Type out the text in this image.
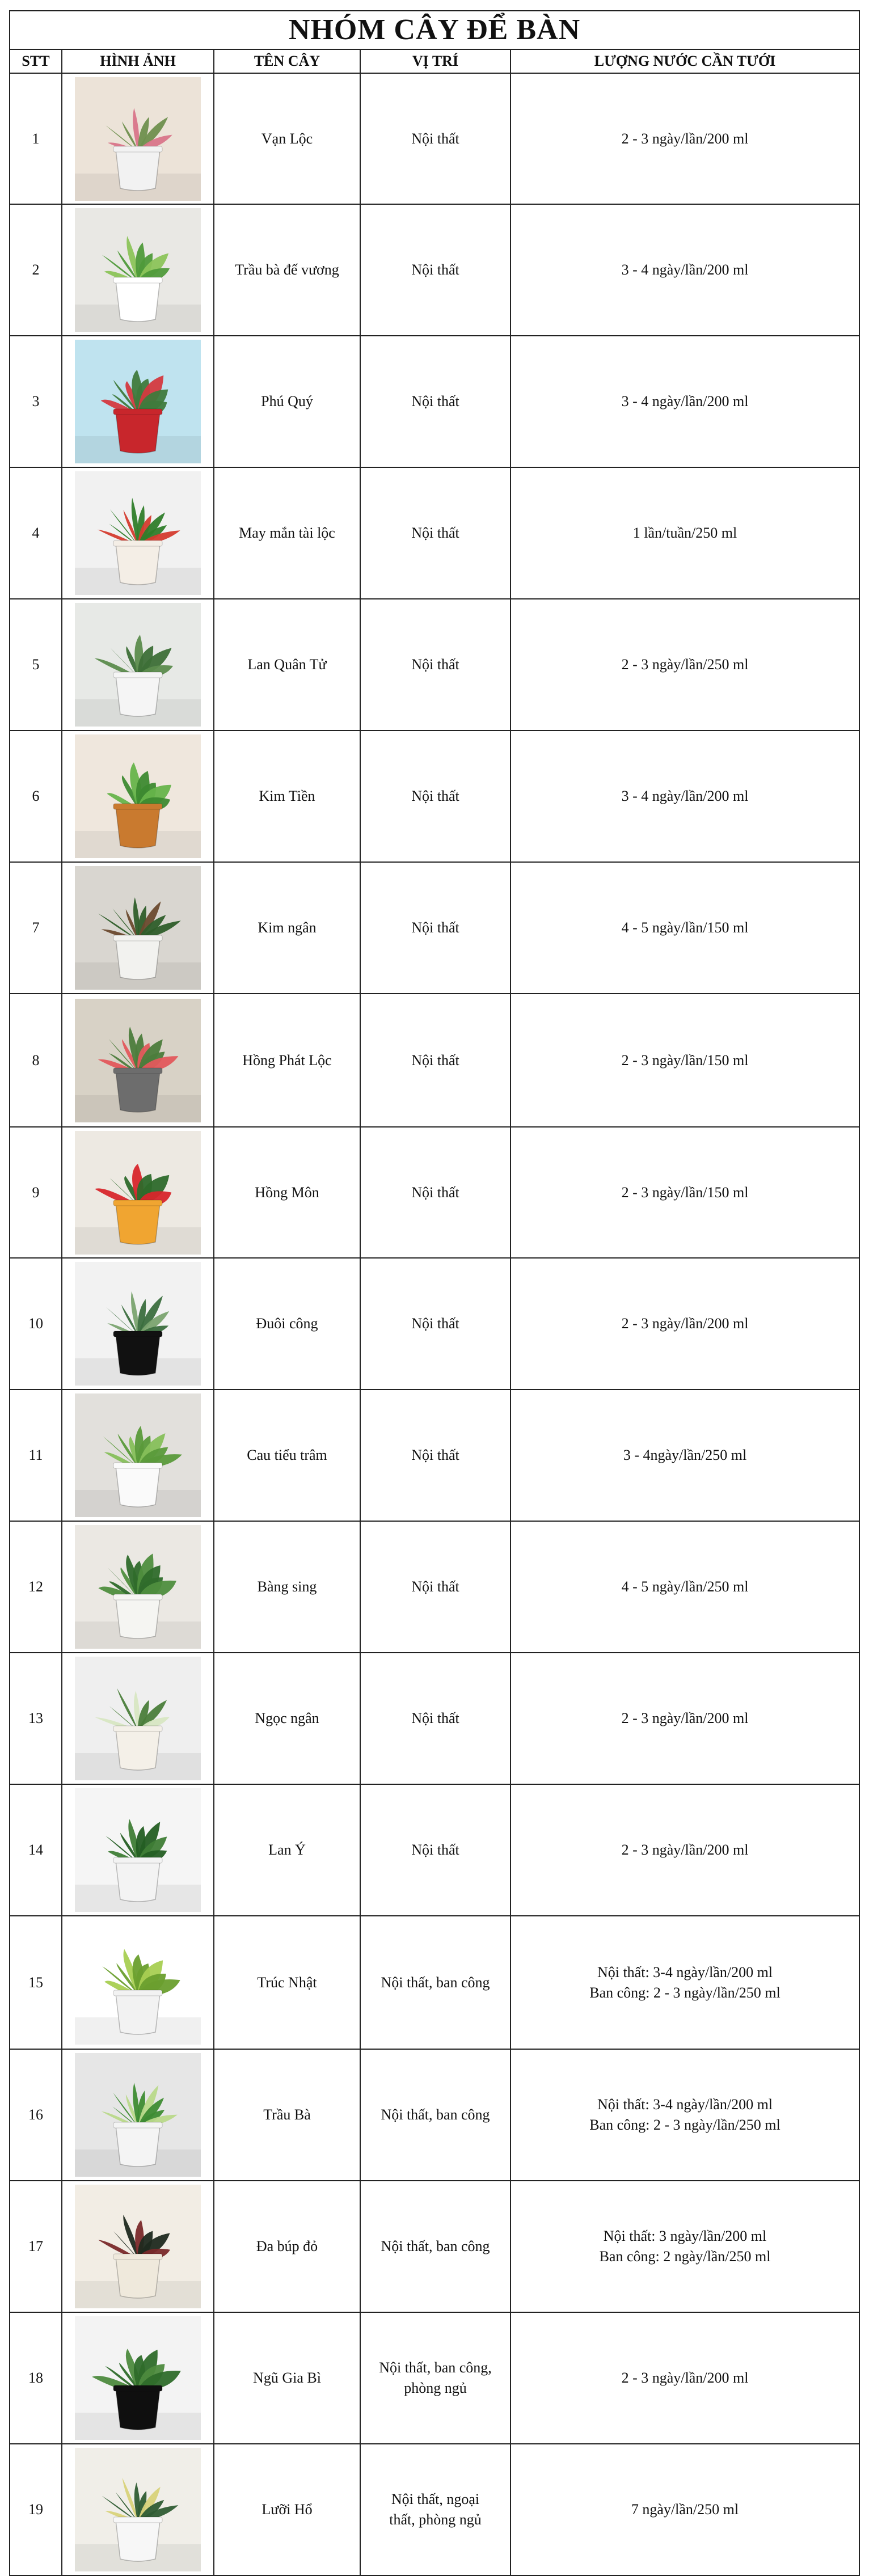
NHÓM CÂY ĐỂ BÀN				
STT	HÌNH ẢNH	TÊN CÂY	VỊ TRÍ	LƯỢNG NƯỚC CẦN TƯỚI
1		Vạn Lộc	Nội thất	2 - 3 ngày/lần/200 ml

2		Trầu bà đế vương	Nội thất	3 - 4 ngày/lần/200 ml

3		Phú Quý	Nội thất	3 - 4 ngày/lần/200 ml

4		May mắn tài lộc	Nội thất	1 lần/tuần/250 ml

5		Lan Quân Tử	Nội thất	2 - 3 ngày/lần/250 ml

6		Kim Tiền	Nội thất	3 - 4 ngày/lần/200 ml

7		Kim ngân	Nội thất	4 - 5 ngày/lần/150 ml

8		Hồng Phát Lộc	Nội thất	2 - 3 ngày/lần/150 ml

9		Hồng Môn	Nội thất	2 - 3 ngày/lần/150 ml

10		Đuôi công	Nội thất	2 - 3 ngày/lần/200 ml

11		Cau tiểu trâm	Nội thất	3 - 4ngày/lần/250 ml

12		Bàng sing	Nội thất	4 - 5 ngày/lần/250 ml

13		Ngọc ngân	Nội thất	2 - 3 ngày/lần/200 ml

14		Lan Ý	Nội thất	2 - 3 ngày/lần/200 ml

15		Trúc Nhật	Nội thất, ban công	Nội thất: 3-4 ngày/lần/200 ml
Ban công: 2 - 3 ngày/lần/250 ml

16		Trầu Bà	Nội thất, ban công	Nội thất: 3-4 ngày/lần/200 ml
Ban công: 2 - 3 ngày/lần/250 ml

17		Đa búp đỏ	Nội thất, ban công	Nội thất: 3 ngày/lần/200 ml
Ban công: 2 ngày/lần/250 ml

18		Ngũ Gia Bì	Nội thất, ban công,
phòng ngủ	2 - 3 ngày/lần/200 ml

19		Lưỡi Hổ	Nội thất, ngoại
thất, phòng ngủ	7 ngày/lần/250 ml
